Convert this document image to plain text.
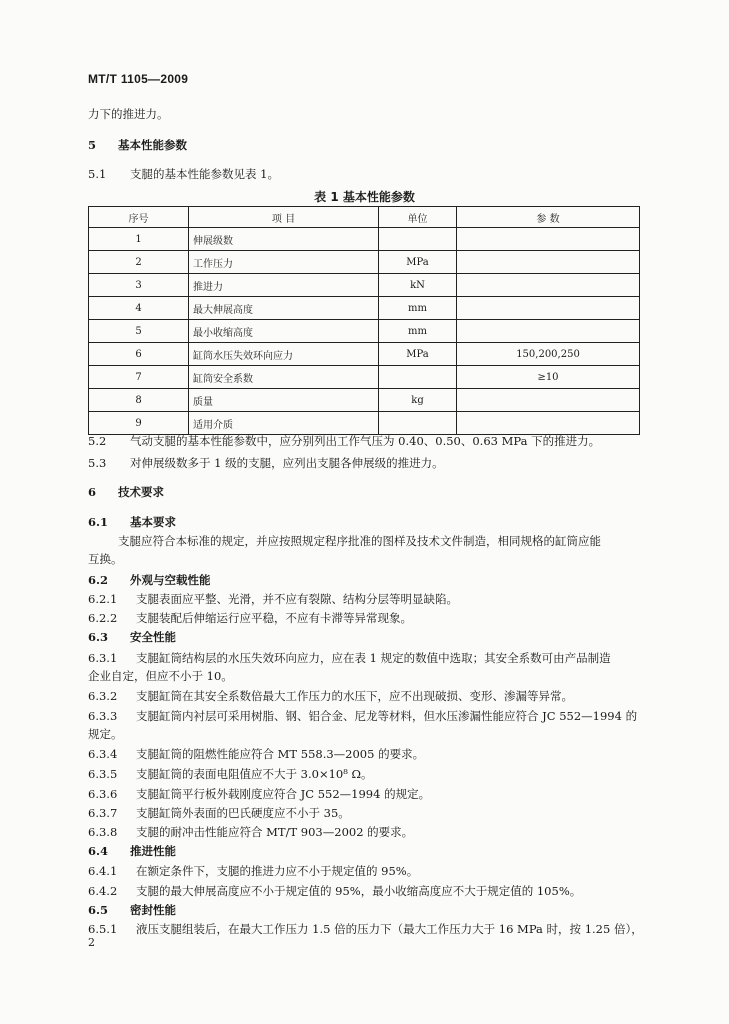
MT/T 1105—2009
力下的推进力。
5 基本性能参数
5.1 支腿的基本性能参数见表 1。
表 1 基本性能参数
序号	项 目	单位	参 数
1	伸展级数		
2	工作压力	MPa	
3	推进力	kN	
4	最大伸展高度	mm	
5	最小收缩高度	mm	
6	缸筒水压失效环向应力	MPa	150,200,250
7	缸筒安全系数		≥10
8	质量	kg	
9	适用介质		
5.2 气动支腿的基本性能参数中，应分别列出工作气压为 0.40、0.50、0.63 MPa 下的推进力。
5.3 对伸展级数多于 1 级的支腿，应列出支腿各伸展级的推进力。
6 技术要求
6.1 基本要求
支腿应符合本标准的规定，并应按照规定程序批准的图样及技术文件制造，相同规格的缸筒应能
互换。
6.2 外观与空载性能
6.2.1 支腿表面应平整、光滑，并不应有裂隙、结构分层等明显缺陷。
6.2.2 支腿装配后伸缩运行应平稳，不应有卡滞等异常现象。
6.3 安全性能
6.3.1 支腿缸筒结构层的水压失效环向应力，应在表 1 规定的数值中选取；其安全系数可由产品制造
企业自定，但应不小于 10。
6.3.2 支腿缸筒在其安全系数倍最大工作压力的水压下，应不出现破损、变形、渗漏等异常。
6.3.3 支腿缸筒内衬层可采用树脂、钢、铝合金、尼龙等材料，但水压渗漏性能应符合 JC 552—1994 的
规定。
6.3.4 支腿缸筒的阻燃性能应符合 MT 558.3—2005 的要求。
6.3.5 支腿缸筒的表面电阻值应不大于 3.0×10⁸ Ω。
6.3.6 支腿缸筒平行板外载刚度应符合 JC 552—1994 的规定。
6.3.7 支腿缸筒外表面的巴氏硬度应不小于 35。
6.3.8 支腿的耐冲击性能应符合 MT/T 903—2002 的要求。
6.4 推进性能
6.4.1 在额定条件下，支腿的推进力应不小于规定值的 95%。
6.4.2 支腿的最大伸展高度应不小于规定值的 95%，最小收缩高度应不大于规定值的 105%。
6.5 密封性能
6.5.1 液压支腿组装后，在最大工作压力 1.5 倍的压力下（最大工作压力大于 16 MPa 时，按 1.25 倍），
2
